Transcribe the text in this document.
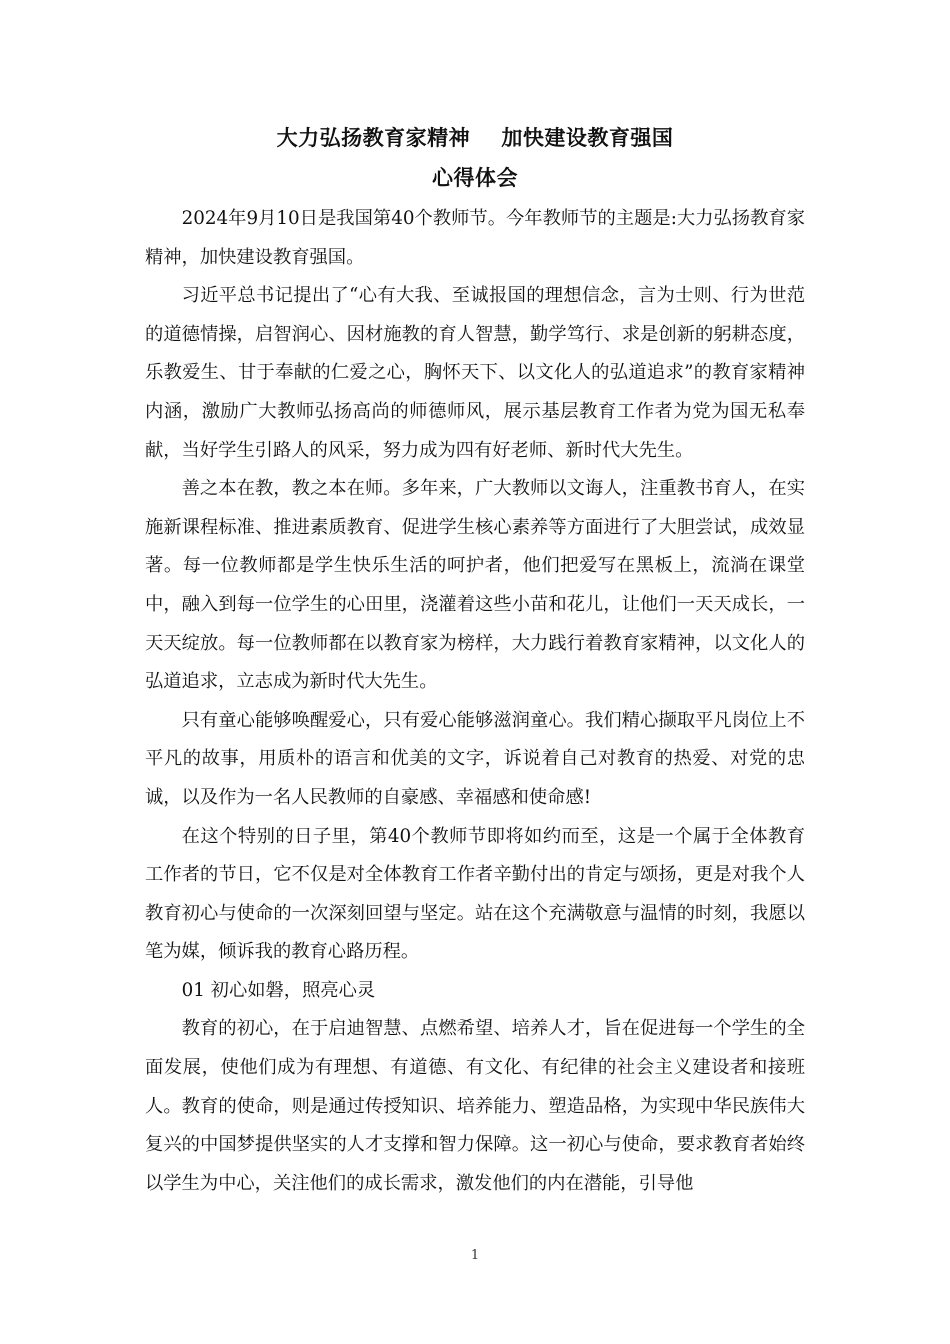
大力弘扬教育家精神    加快建设教育强国
心得体会

2024年9月10日是我国第40个教师节。今年教师节的主题是:大力弘扬教育家精神，加快建设教育强国。

习近平总书记提出了“心有大我、至诚报国的理想信念，言为士则、行为世范的道德情操，启智润心、因材施教的育人智慧，勤学笃行、求是创新的躬耕态度，乐教爱生、甘于奉献的仁爱之心，胸怀天下、以文化人的弘道追求”的教育家精神内涵，激励广大教师弘扬高尚的师德师风，展示基层教育工作者为党为国无私奉献，当好学生引路人的风采，努力成为四有好老师、新时代大先生。

善之本在教，教之本在师。多年来，广大教师以文诲人，注重教书育人，在实施新课程标准、推进素质教育、促进学生核心素养等方面进行了大胆尝试，成效显著。每一位教师都是学生快乐生活的呵护者，他们把爱写在黑板上，流淌在课堂中，融入到每一位学生的心田里，浇灌着这些小苗和花儿，让他们一天天成长，一天天绽放。每一位教师都在以教育家为榜样，大力践行着教育家精神，以文化人的弘道追求，立志成为新时代大先生。

只有童心能够唤醒爱心，只有爱心能够滋润童心。我们精心撷取平凡岗位上不平凡的故事，用质朴的语言和优美的文字，诉说着自己对教育的热爱、对党的忠诚，以及作为一名人民教师的自豪感、幸福感和使命感!

在这个特别的日子里，第40个教师节即将如约而至，这是一个属于全体教育工作者的节日，它不仅是对全体教育工作者辛勤付出的肯定与颂扬，更是对我个人教育初心与使命的一次深刻回望与坚定。站在这个充满敬意与温情的时刻，我愿以笔为媒，倾诉我的教育心路历程。

01 初心如磐，照亮心灵

教育的初心，在于启迪智慧、点燃希望、培养人才，旨在促进每一个学生的全面发展，使他们成为有理想、有道德、有文化、有纪律的社会主义建设者和接班人。教育的使命，则是通过传授知识、培养能力、塑造品格，为实现中华民族伟大复兴的中国梦提供坚实的人才支撑和智力保障。这一初心与使命，要求教育者始终以学生为中心，关注他们的成长需求，激发他们的内在潜能，引导他

1
